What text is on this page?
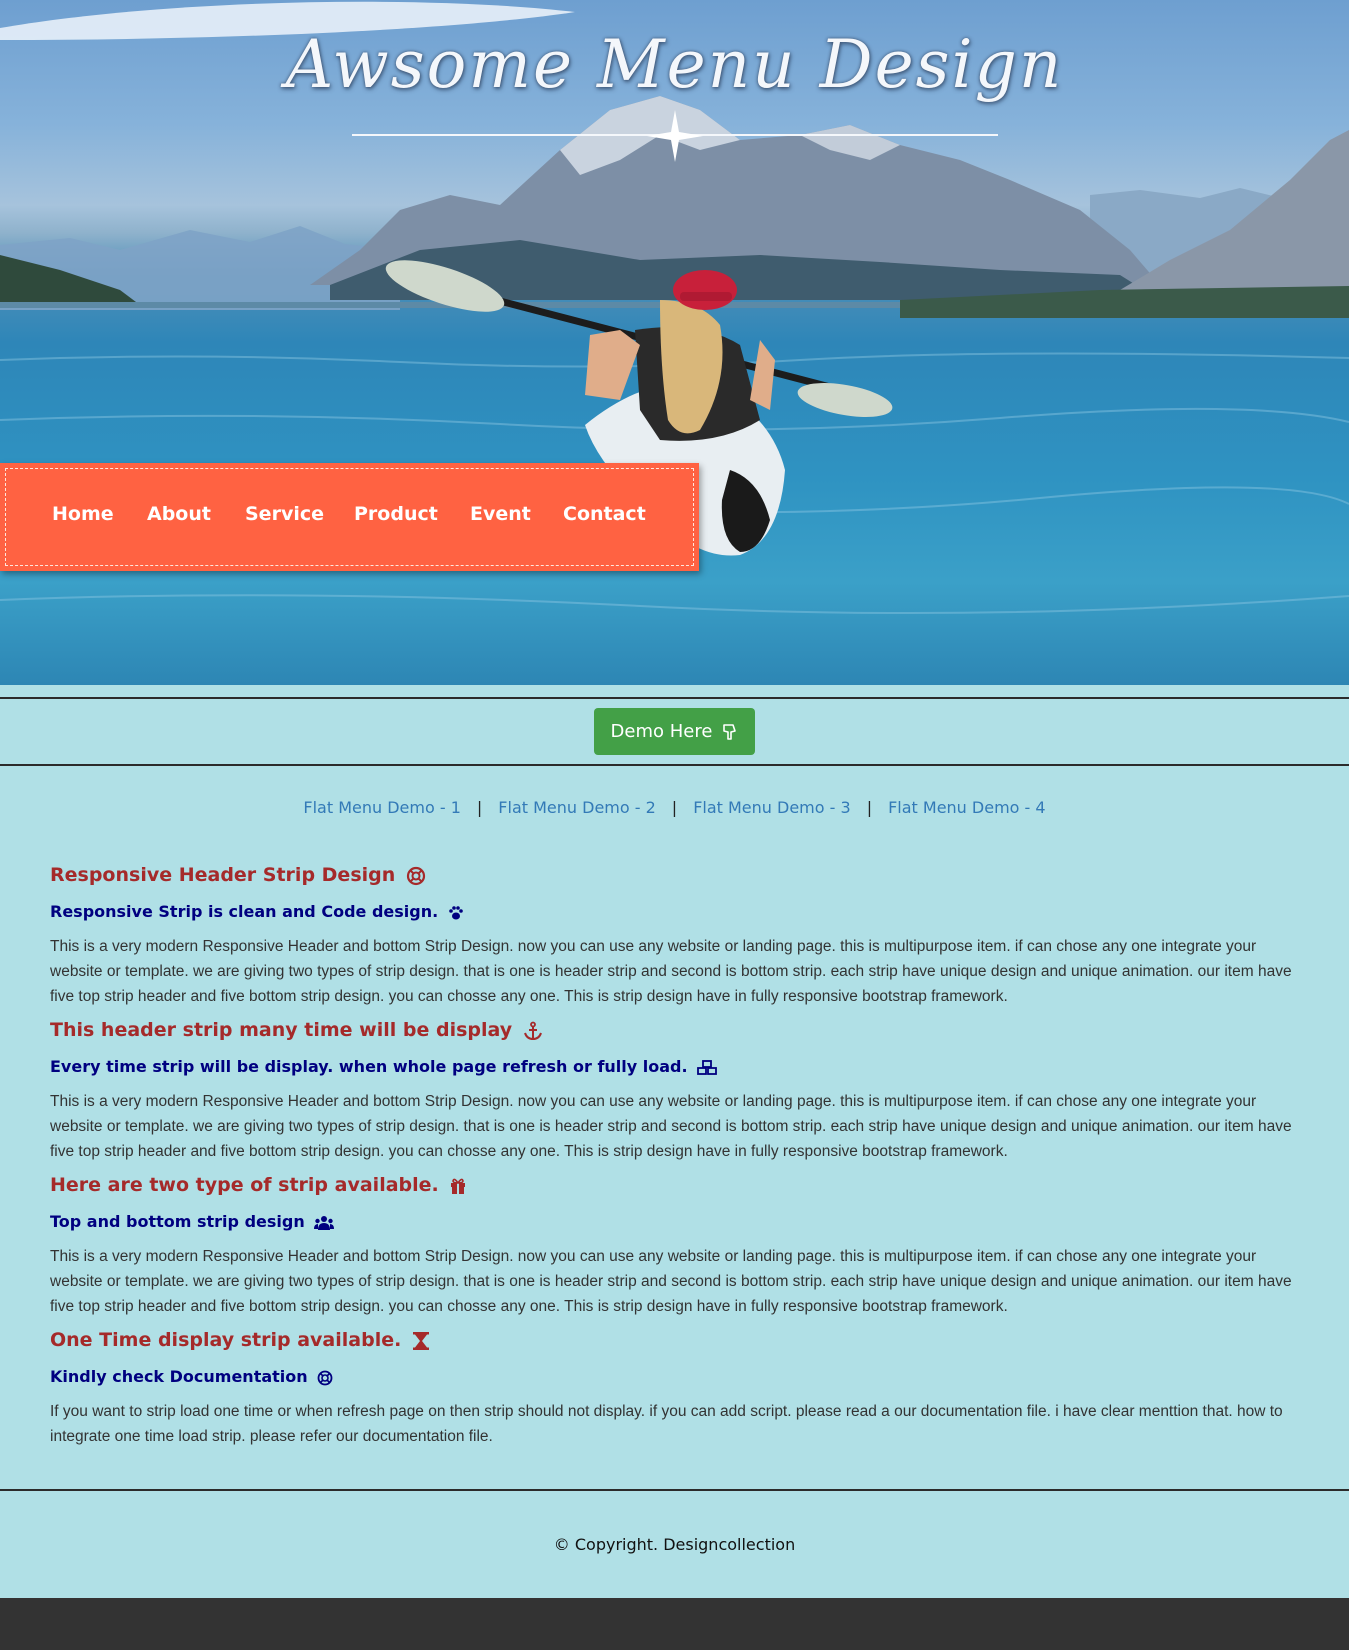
Awsome Menu Design
Home About Service Product Event Contact
Demo Here
Flat Menu Demo - 1 | Flat Menu Demo - 2 | Flat Menu Demo - 3 | Flat Menu Demo - 4
Responsive Header Strip Design
Responsive Strip is clean and Code design.
This is a very modern Responsive Header and bottom Strip Design. now you can use any website or landing page. this is multipurpose item. if can chose any one integrate your website or template. we are giving two types of strip design. that is one is header strip and second is bottom strip. each strip have unique design and unique animation. our item have five top strip header and five bottom strip design. you can chosse any one. This is strip design have in fully responsive bootstrap framework.
This header strip many time will be display
Every time strip will be display. when whole page refresh or fully load.
This is a very modern Responsive Header and bottom Strip Design. now you can use any website or landing page. this is multipurpose item. if can chose any one integrate your website or template. we are giving two types of strip design. that is one is header strip and second is bottom strip. each strip have unique design and unique animation. our item have five top strip header and five bottom strip design. you can chosse any one. This is strip design have in fully responsive bootstrap framework.
Here are two type of strip available.
Top and bottom strip design
This is a very modern Responsive Header and bottom Strip Design. now you can use any website or landing page. this is multipurpose item. if can chose any one integrate your website or template. we are giving two types of strip design. that is one is header strip and second is bottom strip. each strip have unique design and unique animation. our item have five top strip header and five bottom strip design. you can chosse any one. This is strip design have in fully responsive bootstrap framework.
One Time display strip available.
Kindly check Documentation
If you want to strip load one time or when refresh page on then strip should not display. if you can add script. please read a our documentation file. i have clear menttion that. how to integrate one time load strip. please refer our documentation file.
© Copyright. Designcollection
